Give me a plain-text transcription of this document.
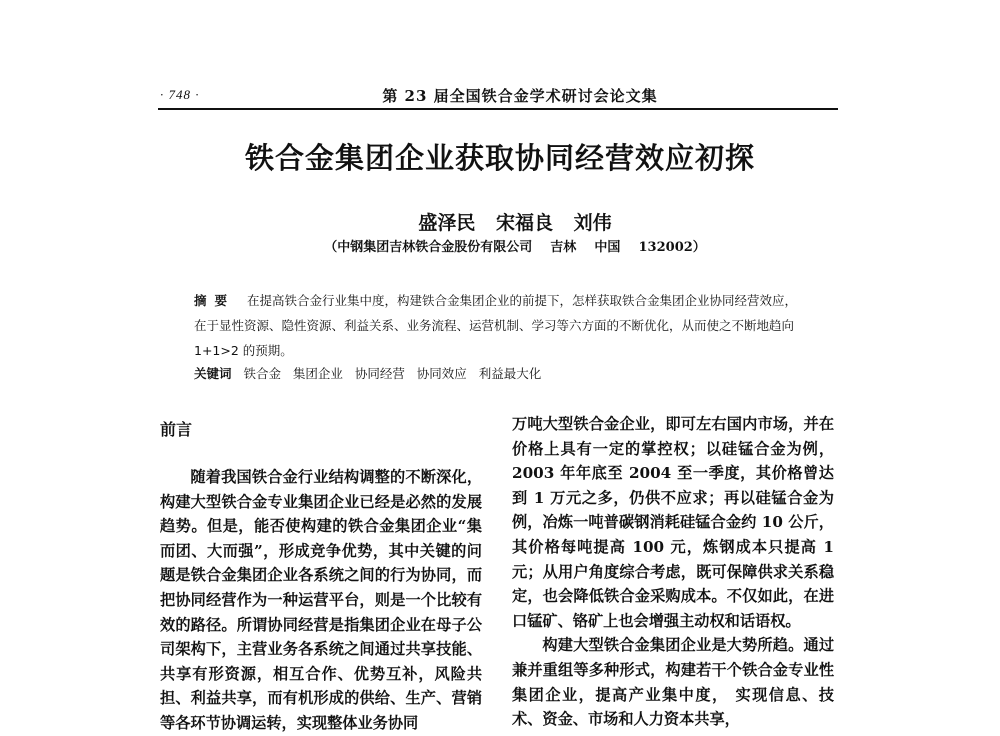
· 748 ·	第 23 届全国铁合金学术研讨会论文集
铁合金集团企业获取协同经营效应初探
盛泽民 宋福良 刘伟
（中钢集团吉林铁合金股份有限公司    吉林    中国    132002）
摘要 在提高铁合金行业集中度，构建铁合金集团企业的前提下，怎样获取铁合金集团企业协同经营效应，在于显性资源、隐性资源、利益关系、业务流程、运营机制、学习等六方面的不断优化，从而使之不断地趋向 1+1>2 的预期。
关键词 铁合金   集团企业   协同经营   协同效应   利益最大化
前言

随着我国铁合金行业结构调整的不断深化，构建大型铁合金专业集团企业已经是必然的发展趋势。但是，能否使构建的铁合金集团企业“集而团、大而强”，形成竞争优势，其中关键的问题是铁合金集团企业各系统之间的行为协同，而把协同经营作为一种运营平台，则是一个比较有效的路径。所谓协同经营是指集团企业在母子公司架构下，主营业务各系统之间通过共享技能、共享有形资源，相互合作、优势互补，风险共担、利益共享，而有机形成的供给、生产、营销等各环节协调运转，实现整体业务协同

万吨大型铁合金企业，即可左右国内市场，并在价格上具有一定的掌控权；以硅锰合金为例，2003 年年底至 2004 至一季度，其价格曾达到 1 万元之多，仍供不应求；再以硅锰合金为例，冶炼一吨普碳钢消耗硅锰合金约 10 公斤，其价格每吨提高 100 元，炼钢成本只提高 1 元；从用户角度综合考虑，既可保障供求关系稳定，也会降低铁合金采购成本。不仅如此，在进口锰矿、铬矿上也会增强主动权和话语权。

构建大型铁合金集团企业是大势所趋。通过兼并重组等多种形式，构建若干个铁合金专业性集团企业，提高产业集中度， 实现信息、技术、资金、市场和人力资本共享，
